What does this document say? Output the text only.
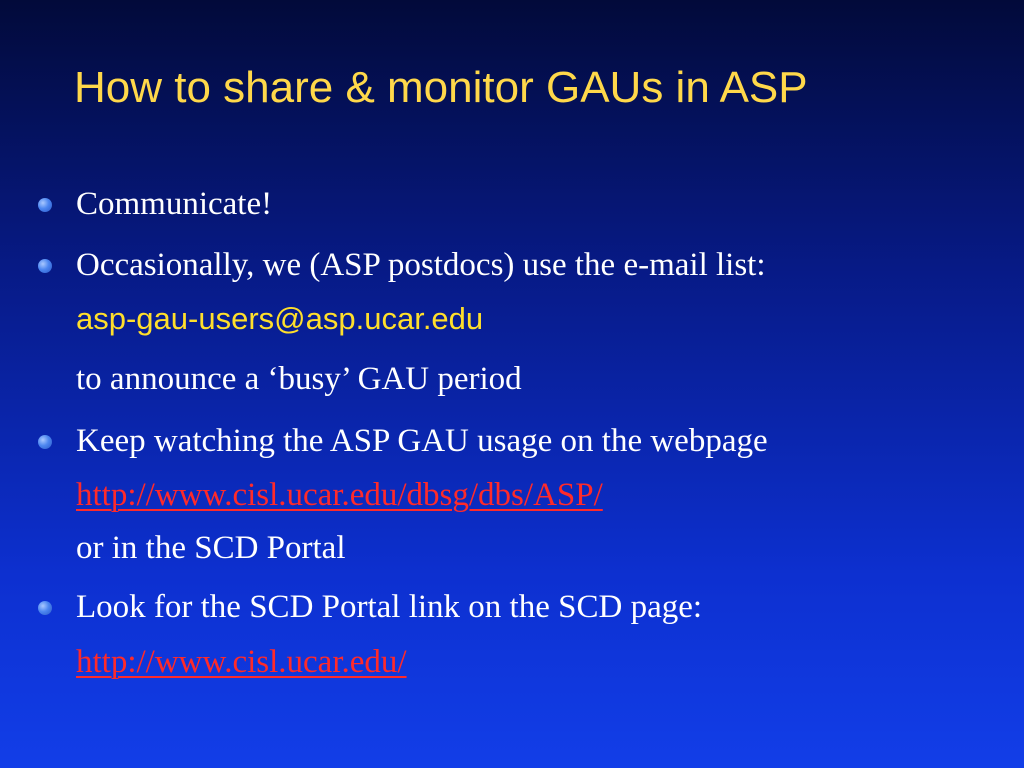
How to share & monitor GAUs in ASP
Communicate!
Occasionally, we (ASP postdocs) use the e-mail list:
asp-gau-users@asp.ucar.edu
to announce a ‘busy’ GAU period
Keep watching the ASP GAU usage on the webpage
http://www.cisl.ucar.edu/dbsg/dbs/ASP/
or in the SCD Portal
Look for the SCD Portal link on the SCD page:
http://www.cisl.ucar.edu/
